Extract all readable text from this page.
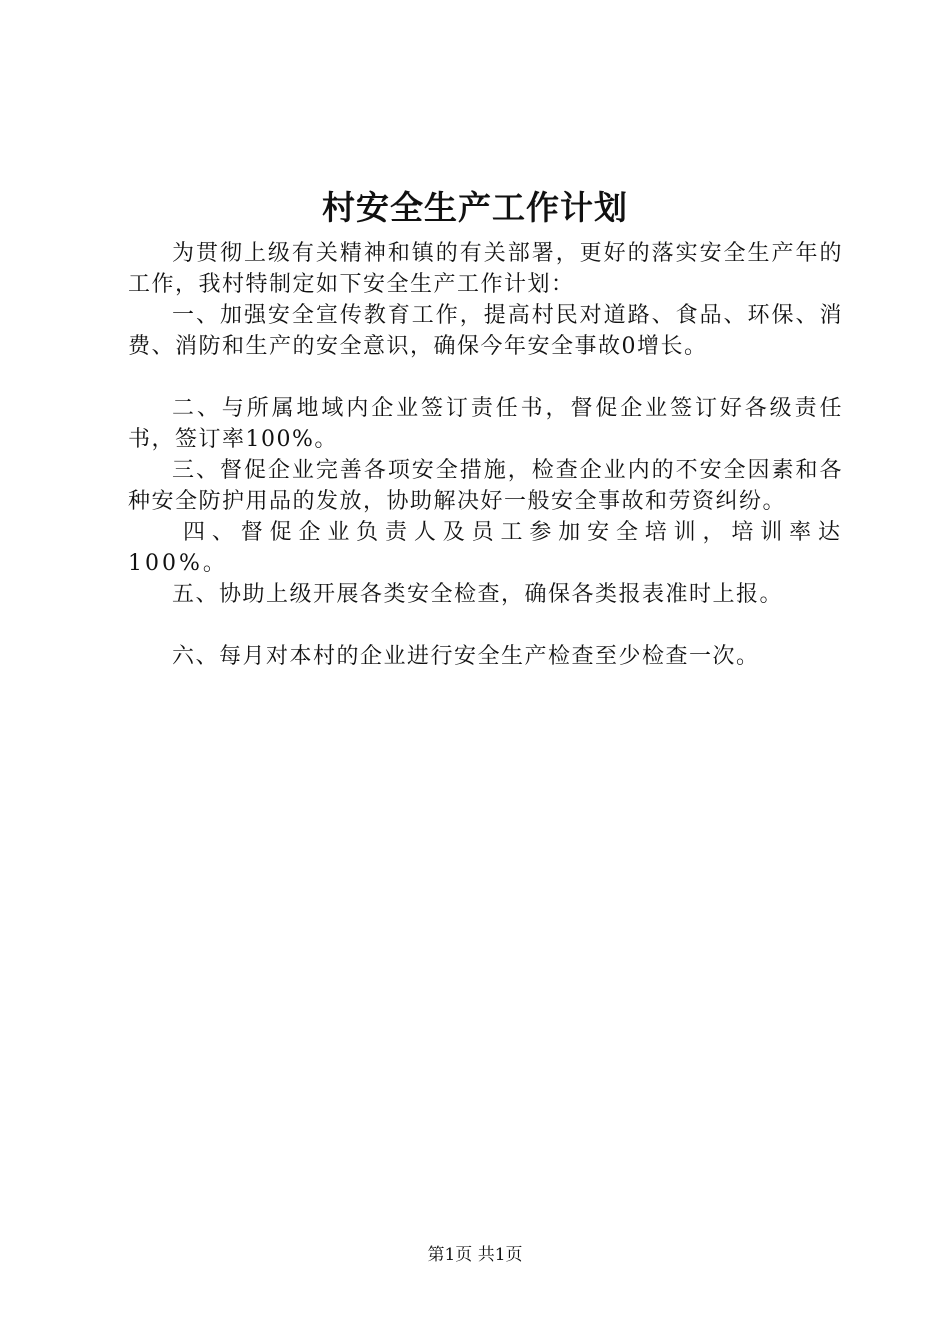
村安全生产工作计划

为贯彻上级有关精神和镇的有关部署，更好的落实安全生产年的工作，我村特制定如下安全生产工作计划：

一、加强安全宣传教育工作，提高村民对道路、食品、环保、消费、消防和生产的安全意识，确保今年安全事故0增长。

二、与所属地域内企业签订责任书，督促企业签订好各级责任书，签订率100%。

三、督促企业完善各项安全措施，检查企业内的不安全因素和各种安全防护用品的发放，协助解决好一般安全事故和劳资纠纷。

四、督促企业负责人及员工参加安全培训，培训率达100%。

五、协助上级开展各类安全检查，确保各类报表准时上报。

六、每月对本村的企业进行安全生产检查至少检查一次。

第1页 共1页
